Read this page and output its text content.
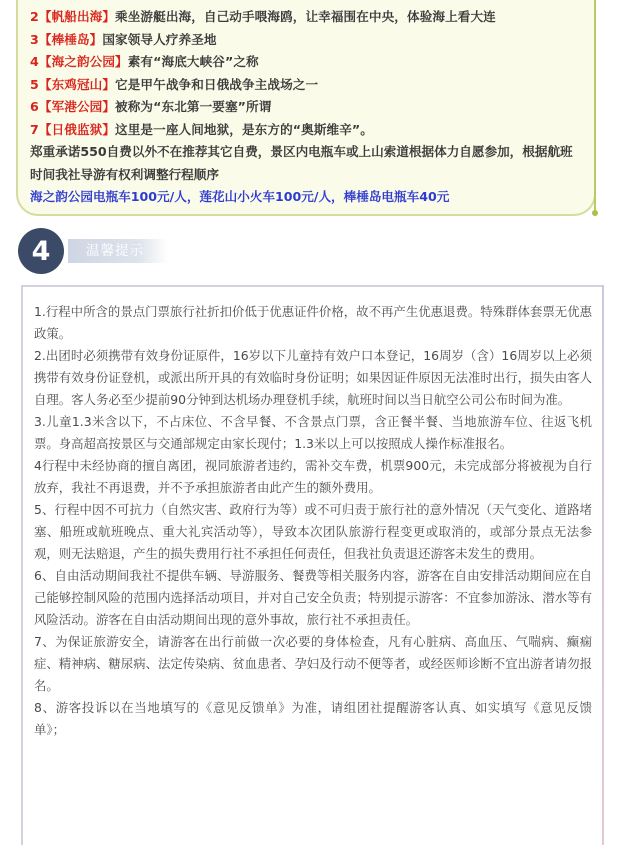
2【帆船出海】乘坐游艇出海，自己动手喂海鸥，让幸福围在中央，体验海上看大连
3【棒棰岛】国家领导人疗养圣地
4【海之韵公园】素有“海底大峡谷”之称
5【东鸡冠山】它是甲午战争和日俄战争主战场之一
6【军港公园】被称为“东北第一要塞”所谓
7【日俄监狱】这里是一座人间地狱，是东方的“奥斯维辛”。
郑重承诺550自费以外不在推荐其它自费，景区内电瓶车或上山索道根据体力自愿参加，根据航班时间我社导游有权利调整行程顺序
海之韵公园电瓶车100元/人，莲花山小火车100元/人，棒棰岛电瓶车40元
4	温馨提示

1.行程中所含的景点门票旅行社折扣价低于优惠证件价格，故不再产生优惠退费。特殊群体套票无优惠政策。

2.出团时必须携带有效身份证原件，16岁以下儿童持有效户口本登记，16周岁（含）16周岁以上必须携带有效身份证登机，或派出所开具的有效临时身份证明；如果因证件原因无法准时出行，损失由客人自理。客人务必至少提前90分钟到达机场办理登机手续，航班时间以当日航空公司公布时间为准。

3.儿童1.3米含以下，不占床位、不含早餐、不含景点门票，含正餐半餐、当地旅游车位、往返飞机票。身高超高按景区与交通部规定由家长现付；1.3米以上可以按照成人操作标准报名。

4行程中未经协商的擅自离团，视同旅游者违约，需补交车费，机票900元，未完成部分将被视为自行放弃，我社不再退费，并不予承担旅游者由此产生的额外费用。

5、行程中因不可抗力（自然灾害、政府行为等）或不可归责于旅行社的意外情况（天气变化、道路堵塞、船班或航班晚点、重大礼宾活动等），导致本次团队旅游行程变更或取消的，或部分景点无法参观，则无法赔退，产生的损失费用行社不承担任何责任，但我社负责退还游客未发生的费用。

6、自由活动期间我社不提供车辆、导游服务、餐费等相关服务内容，游客在自由安排活动期间应在自己能够控制风险的范围内选择活动项目，并对自己安全负责；特别提示游客：不宜参加游泳、潜水等有风险活动。游客在自由活动期间出现的意外事故，旅行社不承担责任。

7、为保证旅游安全，请游客在出行前做一次必要的身体检查，凡有心脏病、高血压、气喘病、癫痫症、精神病、糖尿病、法定传染病、贫血患者、孕妇及行动不便等者，或经医师诊断不宜出游者请勿报名。

8、游客投诉以在当地填写的《意见反馈单》为准，请组团社提醒游客认真、如实填写《意见反馈单》；
